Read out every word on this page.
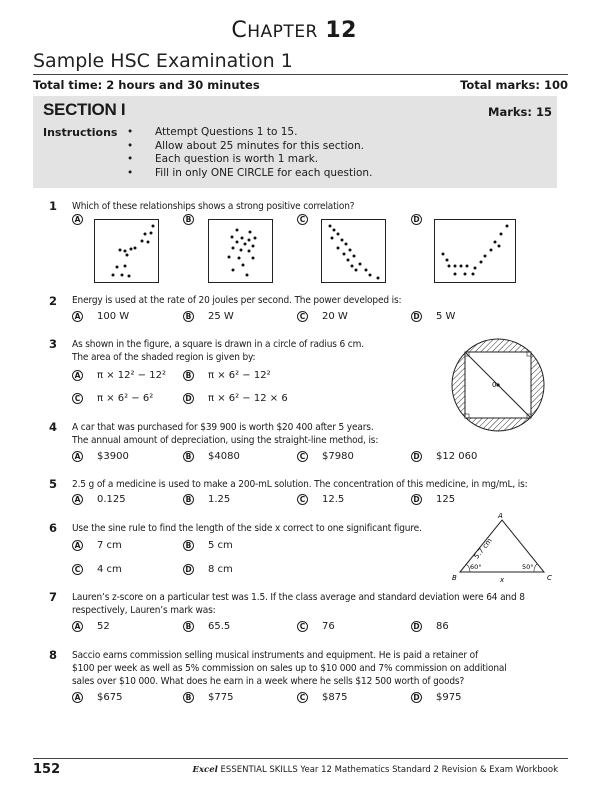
CHAPTER 12
Sample HSC Examination 1
Total time: 2 hours and 30 minutes	Total marks: 100
SECTION I	Marks: 15
Instructions
•	Attempt Questions 1 to 15.
• Allow about 25 minutes for this section.
• Each question is worth 1 mark.
• Fill in only ONE CIRCLE for each question.
1 Which of these relationships shows a strong positive correlation?
A	B	C	D
2 Energy is used at the rate of 20 joules per second. The power developed is:
A 100 W	B 25 W	C 20 W	D 5 W
3 As shown in the figure, a square is drawn in a circle of radius 6 cm.
The area of the shaded region is given by:
A π × 12² − 12²	B π × 6² − 12²
C π × 6² − 6²	D π × 6² − 12 × 6
0
4 A car that was purchased for $39 900 is worth $20 400 after 5 years.
The annual amount of depreciation, using the straight-line method, is:
A $3900	B $4080	C $7980	D $12 060
5 2.5 g of a medicine is used to make a 200-mL solution. The concentration of this medicine, in mg/mL, is:
A 0.125	B 1.25	C 12.5	D 125
6 Use the sine rule to find the length of the side x correct to one significant figure.
A 7 cm	B 5 cm
C 4 cm	D 8 cm
A
B	C
5.7 cm
60°	50°
x
7 Lauren’s z-score on a particular test was 1.5. If the class average and standard deviation were 64 and 8
respectively, Lauren’s mark was:
A 52	B 65.5	C 76	D 86
8 Saccio earns commission selling musical instruments and equipment. He is paid a retainer of
$100 per week as well as 5% commission on sales up to $10 000 and 7% commission on additional
sales over $10 000. What does he earn in a week where he sells $12 500 worth of goods?
A $675	B $775	C $875	D $975
152	Excel ESSENTIAL SKILLS Year 12 Mathematics Standard 2 Revision & Exam Workbook
